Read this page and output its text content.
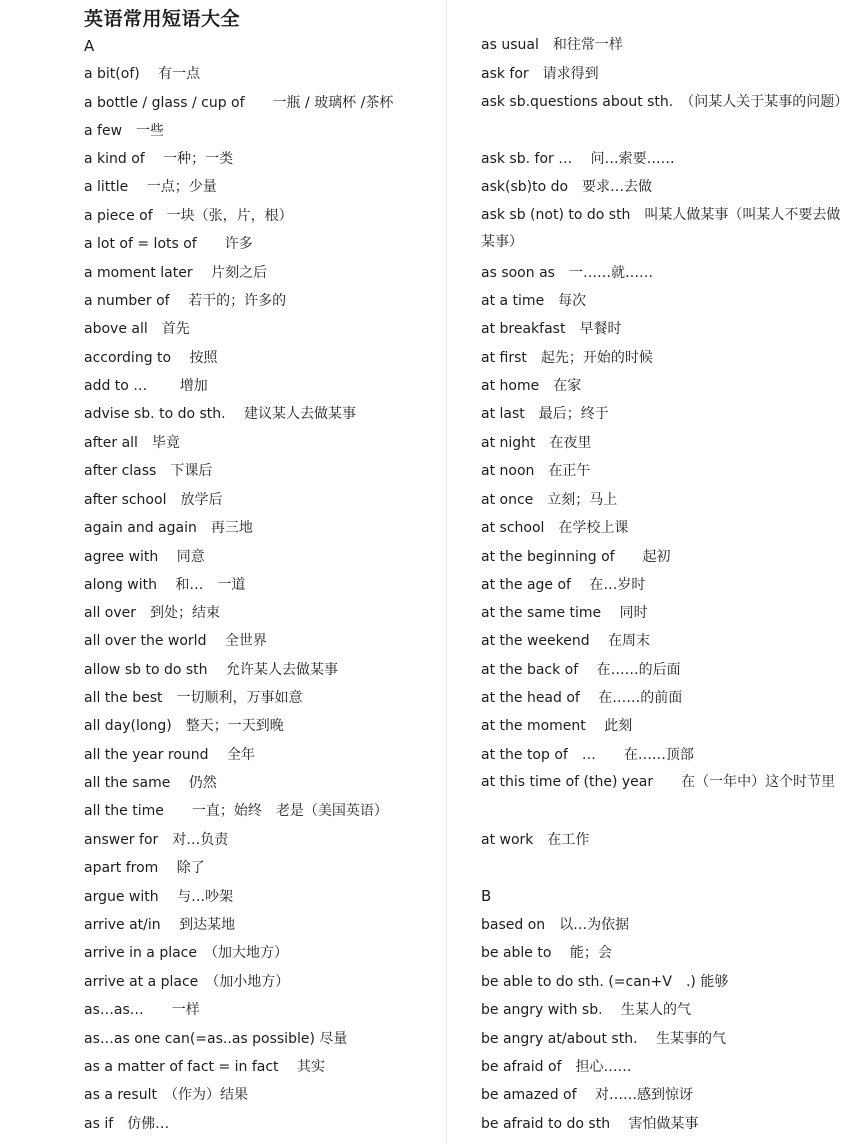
英语常用短语大全
A
a bit(of)　 有一点
a bottle / glass / cup of　　一瓶 / 玻璃杯 /茶杯
a few　一些
a kind of　 一种；一类
a little　 一点；少量
a piece of　一块（张，片，根）
a lot of = lots of　　许多
a moment later　 片刻之后
a number of　 若干的；许多的
above all　首先
according to　 按照
add to …　　 增加
advise sb. to do sth.　 建议某人去做某事
after all　毕竟
after class　下课后
after school　放学后
again and again　再三地
agree with　 同意
along with　 和…　一道
all over　到处；结束
all over the world　 全世界
allow sb to do sth　 允许某人去做某事
all the best　一切顺利，万事如意
all day(long)　整天；一天到晚
all the year round　 全年
all the same　 仍然
all the time　　一直；始终　老是（美国英语）
answer for　对…负责
apart from　 除了
argue with　 与…吵架
arrive at/in　 到达某地
arrive in a place　（加大地方）
arrive at a place　（加小地方）
as…as…　　一样
as…as one can(=as..as possible) 尽量
as a matter of fact = in fact　 其实
as a result　（作为）结果
as if　仿佛…
as usual　和往常一样
ask for　请求得到
ask sb.questions about sth.　（问某人关于某事的问题）
ask sb. for …　 问…索要……
ask(sb)to do　要求…去做
ask sb (not) to do sth　叫某人做某事（叫某人不要去做某事）
as soon as　一……就……
at a time　每次
at breakfast　早餐时
at first　起先；开始的时候
at home　在家
at last　最后；终于
at night　在夜里
at noon　在正午
at once　立刻；马上
at school　在学校上课
at the beginning of　　起初
at the age of　 在…岁时
at the same time　 同时
at the weekend　 在周末
at the back of　 在……的后面
at the head of　 在……的前面
at the moment　 此刻
at the top of　…　　在……顶部
at this time of (the) year　　在（一年中）这个时节里
at work　在工作
B
based on　以…为依据
be able to　 能；会
be able to do sth. (=can+V　.) 能够
be angry with sb.　 生某人的气
be angry at/about sth.　 生某事的气
be afraid of　担心……
be amazed of　 对……感到惊讶
be afraid to do sth　 害怕做某事
